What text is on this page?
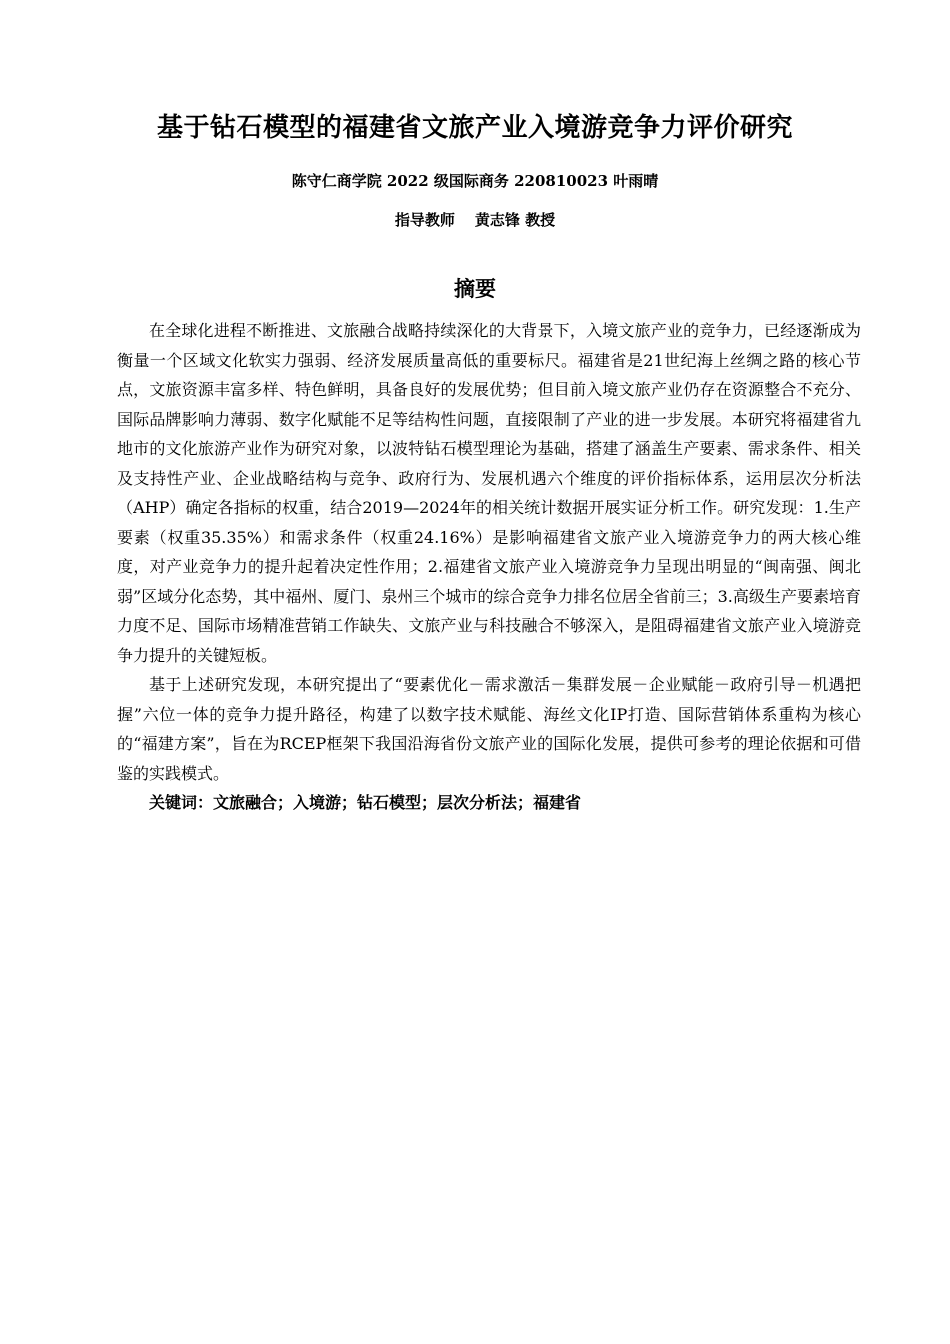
基于钻石模型的福建省文旅产业入境游竞争力评价研究
陈守仁商学院 2022 级国际商务 220810023 叶雨晴
指导教师 黄志锋 教授
摘要

在全球化进程不断推进、文旅融合战略持续深化的大背景下，入境文旅产业的竞争力，已经逐渐成为衡量一个区域文化软实力强弱、经济发展质量高低的重要标尺。福建省是21世纪海上丝绸之路的核心节点，文旅资源丰富多样、特色鲜明，具备良好的发展优势；但目前入境文旅产业仍存在资源整合不充分、国际品牌影响力薄弱、数字化赋能不足等结构性问题，直接限制了产业的进一步发展。本研究将福建省九地市的文化旅游产业作为研究对象，以波特钻石模型理论为基础，搭建了涵盖生产要素、需求条件、相关及支持性产业、企业战略结构与竞争、政府行为、发展机遇六个维度的评价指标体系，运用层次分析法（AHP）确定各指标的权重，结合2019—2024年的相关统计数据开展实证分析工作。研究发现：1.生产要素（权重35.35%）和需求条件（权重24.16%）是影响福建省文旅产业入境游竞争力的两大核心维度，对产业竞争力的提升起着决定性作用；2.福建省文旅产业入境游竞争力呈现出明显的“闽南强、闽北弱”区域分化态势，其中福州、厦门、泉州三个城市的综合竞争力排名位居全省前三；3.高级生产要素培育力度不足、国际市场精准营销工作缺失、文旅产业与科技融合不够深入，是阻碍福建省文旅产业入境游竞争力提升的关键短板。

基于上述研究发现，本研究提出了“要素优化－需求激活－集群发展－企业赋能－政府引导－机遇把握”六位一体的竞争力提升路径，构建了以数字技术赋能、海丝文化IP打造、国际营销体系重构为核心的“福建方案”，旨在为RCEP框架下我国沿海省份文旅产业的国际化发展，提供可参考的理论依据和可借鉴的实践模式。

关键词：文旅融合；入境游；钻石模型；层次分析法；福建省
